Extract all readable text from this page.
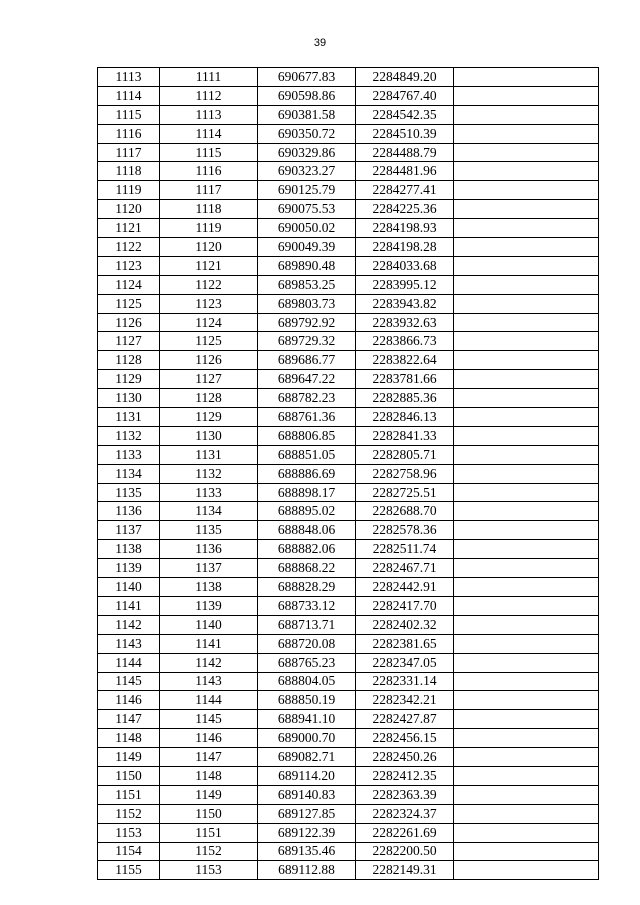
39
1113	1111	690677.83	2284849.20	
1114	1112	690598.86	2284767.40	
1115	1113	690381.58	2284542.35	
1116	1114	690350.72	2284510.39	
1117	1115	690329.86	2284488.79	
1118	1116	690323.27	2284481.96	
1119	1117	690125.79	2284277.41	
1120	1118	690075.53	2284225.36	
1121	1119	690050.02	2284198.93	
1122	1120	690049.39	2284198.28	
1123	1121	689890.48	2284033.68	
1124	1122	689853.25	2283995.12	
1125	1123	689803.73	2283943.82	
1126	1124	689792.92	2283932.63	
1127	1125	689729.32	2283866.73	
1128	1126	689686.77	2283822.64	
1129	1127	689647.22	2283781.66	
1130	1128	688782.23	2282885.36	
1131	1129	688761.36	2282846.13	
1132	1130	688806.85	2282841.33	
1133	1131	688851.05	2282805.71	
1134	1132	688886.69	2282758.96	
1135	1133	688898.17	2282725.51	
1136	1134	688895.02	2282688.70	
1137	1135	688848.06	2282578.36	
1138	1136	688882.06	2282511.74	
1139	1137	688868.22	2282467.71	
1140	1138	688828.29	2282442.91	
1141	1139	688733.12	2282417.70	
1142	1140	688713.71	2282402.32	
1143	1141	688720.08	2282381.65	
1144	1142	688765.23	2282347.05	
1145	1143	688804.05	2282331.14	
1146	1144	688850.19	2282342.21	
1147	1145	688941.10	2282427.87	
1148	1146	689000.70	2282456.15	
1149	1147	689082.71	2282450.26	
1150	1148	689114.20	2282412.35	
1151	1149	689140.83	2282363.39	
1152	1150	689127.85	2282324.37	
1153	1151	689122.39	2282261.69	
1154	1152	689135.46	2282200.50	
1155	1153	689112.88	2282149.31	
